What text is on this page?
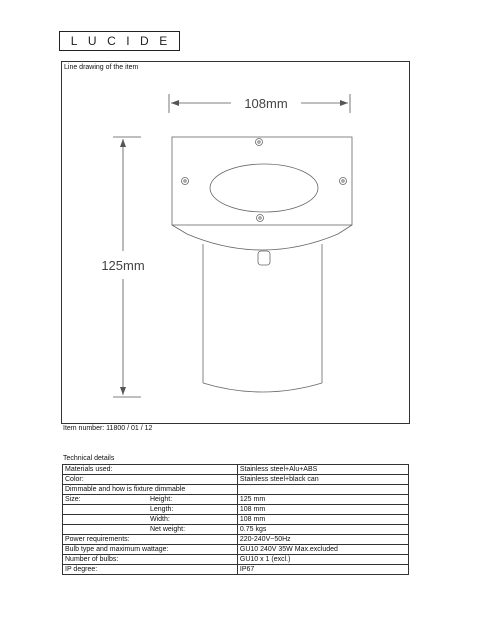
L U C I D E
Line drawing of the item
108mm
125mm
Item number: 11800 / 01 / 12
Technical details
Materials used:	Stainless steel+Alu+ABS
Color:	Stainless steel+black can
Dimmable and how is fixture dimmable	
Size: Height:	125 mm

Length:	108 mm

Width:	108 mm

Net weight:	0.75 kgs
Power requirements:	220-240V~50Hz
Bulb type and maximum wattage:	GU10 240V 35W Max.excluded
Number of bulbs:	GU10 x 1 (excl.)
IP degree:	IP67
